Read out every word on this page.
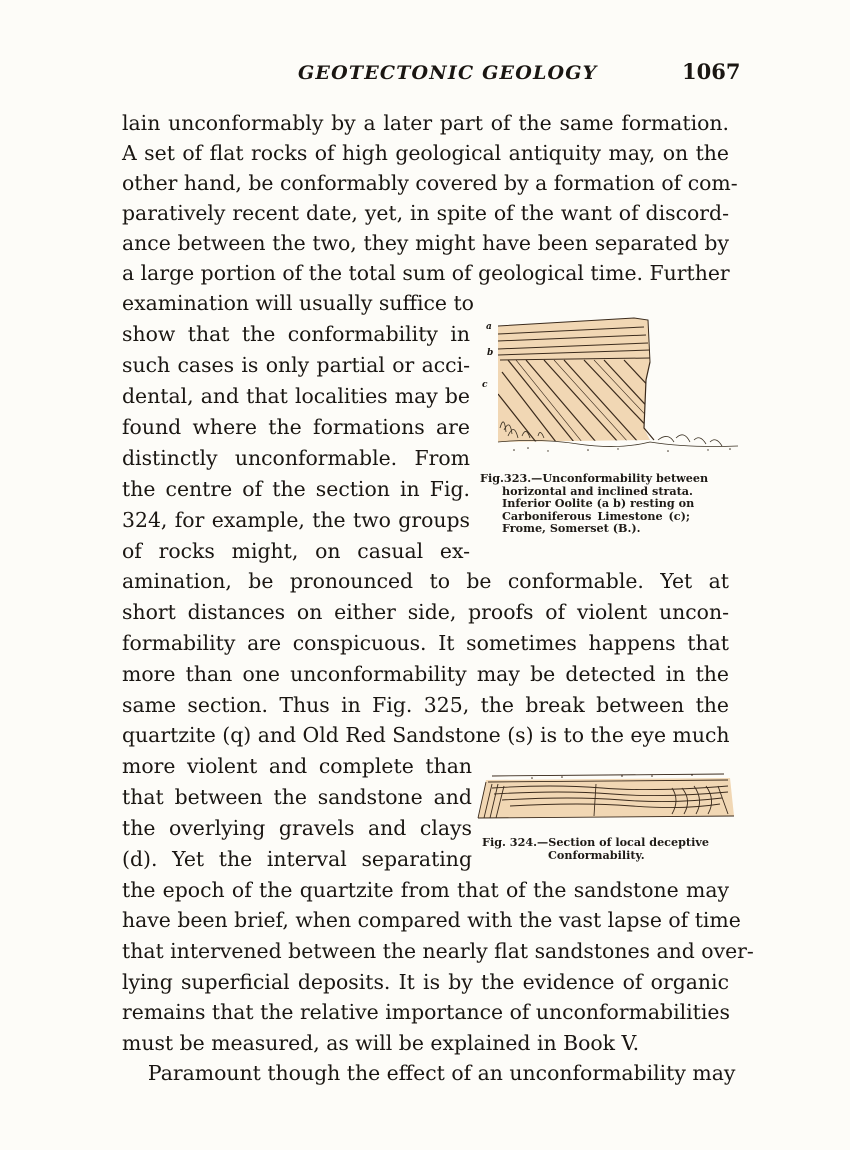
GEOTECTONIC GEOLOGY	1067
lain unconformably by a later part of the same formation.
A set of flat rocks of high geological antiquity may, on the
other hand, be conformably covered by a formation of com-
paratively recent date, yet, in spite of the want of discord-
ance between the two, they might have been separated by
a large portion of the total sum of geological time. Further
examination will usually suffice to
show that the conformability in
such cases is only partial or acci-
dental, and that localities may be
found where the formations are
distinctly unconformable. From
the centre of the section in Fig.
324, for example, the two groups
of rocks might, on casual ex-
amination, be pronounced to be conformable. Yet at
short distances on either side, proofs of violent uncon-
formability are conspicuous. It sometimes happens that
more than one unconformability may be detected in the
same section. Thus in Fig. 325, the break between the
quartzite (q) and Old Red Sandstone (s) is to the eye much
more violent and complete than
that between the sandstone and
the overlying gravels and clays
(d). Yet the interval separating
the epoch of the quartzite from that of the sandstone may
have been brief, when compared with the vast lapse of time
that intervened between the nearly flat sandstones and over-
lying superficial deposits. It is by the evidence of organic
remains that the relative importance of unconformabilities
must be measured, as will be explained in Book V.
Paramount though the effect of an unconformability may
a
b
c
Fig.323.—Unconformability between
horizontal and inclined strata.
Inferior Oolite (a b) resting on
Carboniferous Limestone (c);
Frome, Somerset (B.).
Fig. 324.—Section of local deceptive
Conformability.
